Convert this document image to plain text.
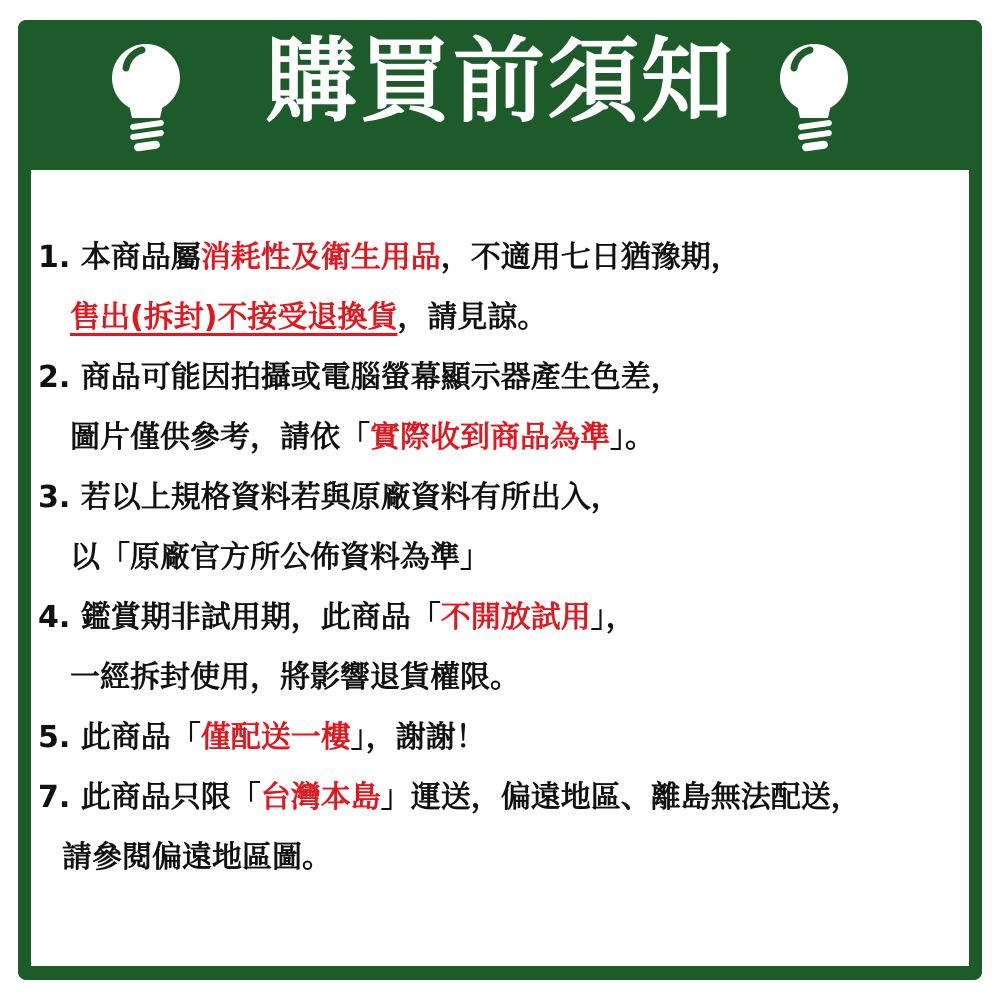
購買前須知
1. 本商品屬消耗性及衛生用品，不適用七日猶豫期，
售出(拆封)不接受退換貨，請見諒。
2. 商品可能因拍攝或電腦螢幕顯示器產生色差，
圖片僅供參考，請依「實際收到商品為準」。
3. 若以上規格資料若與原廠資料有所出入，
以「原廠官方所公佈資料為準」
4. 鑑賞期非試用期，此商品「不開放試用」，
一經拆封使用，將影響退貨權限。
5. 此商品「僅配送一樓」，謝謝！
7. 此商品只限「台灣本島」運送，偏遠地區、離島無法配送，
請參閱偏遠地區圖。
